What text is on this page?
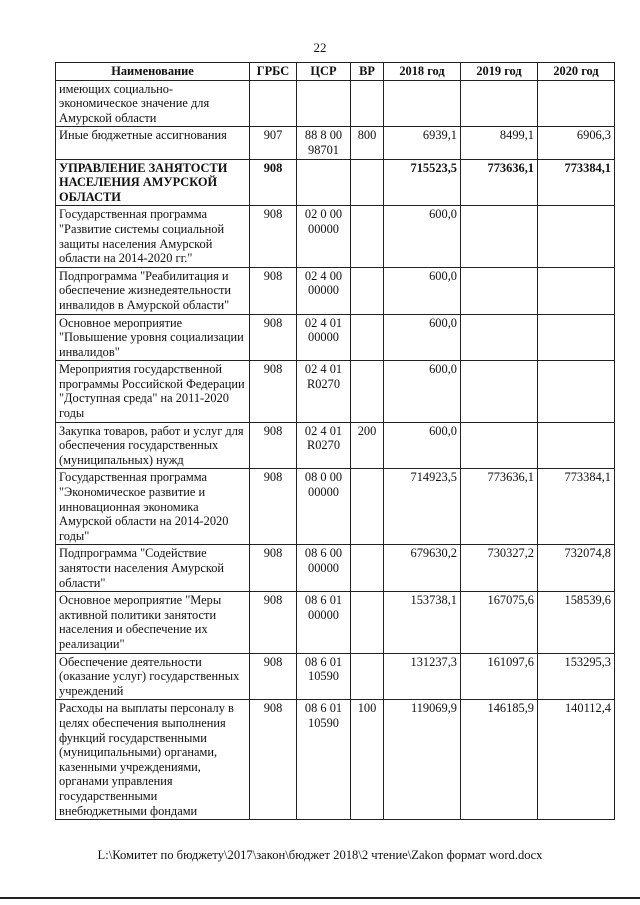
22
Наименование	ГРБС	ЦСР	ВР	2018 год	2019 год	2020 год
имеющих социально-экономическое значение для Амурской области						
Иные бюджетные ассигнования	907	88 8 00 98701	800	6939,1	8499,1	6906,3
УПРАВЛЕНИЕ ЗАНЯТОСТИ НАСЕЛЕНИЯ АМУРСКОЙ ОБЛАСТИ	908			715523,5	773636,1	773384,1
Государственная программа "Развитие системы социальной защиты населения Амурской области на 2014-2020 гг."	908	02 0 00 00000		600,0		
Подпрограмма "Реабилитация и обеспечение жизнедеятельности инвалидов в Амурской области"	908	02 4 00 00000		600,0		
Основное мероприятие "Повышение уровня социализации инвалидов"	908	02 4 01 00000		600,0		
Мероприятия государственной программы Российской Федерации "Доступная среда" на 2011-2020 годы	908	02 4 01 R0270		600,0		
Закупка товаров, работ и услуг для обеспечения государственных (муниципальных) нужд	908	02 4 01 R0270	200	600,0		
Государственная программа "Экономическое развитие и инновационная экономика Амурской области на 2014-2020 годы"	908	08 0 00 00000		714923,5	773636,1	773384,1
Подпрограмма "Содействие занятости населения Амурской области"	908	08 6 00 00000		679630,2	730327,2	732074,8
Основное мероприятие "Меры активной политики занятости населения и обеспечение их реализации"	908	08 6 01 00000		153738,1	167075,6	158539,6
Обеспечение деятельности (оказание услуг) государственных учреждений	908	08 6 01 10590		131237,3	161097,6	153295,3
Расходы на выплаты персоналу в целях обеспечения выполнения функций государственными (муниципальными) органами, казенными учреждениями, органами управления государственными внебюджетными фондами	908	08 6 01 10590	100	119069,9	146185,9	140112,4
L:\Комитет по бюджету\2017\закон\бюджет 2018\2 чтение\Zakon формат word.docx
